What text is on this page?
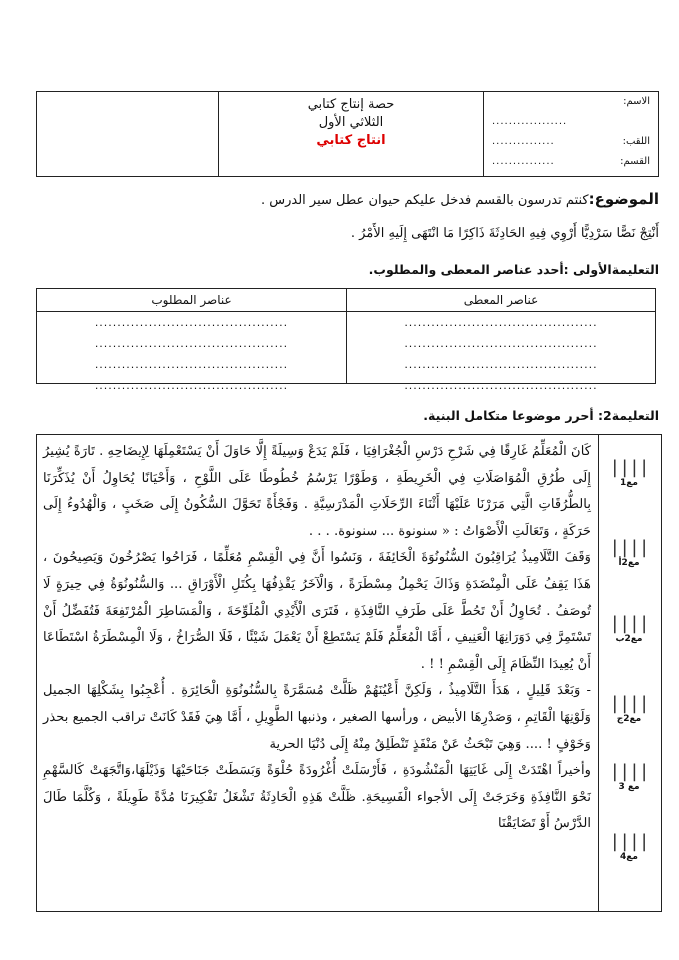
الاسم:
..................
اللقب:
...............
القسم:
...............
حصة إنتاج كتابي
الثلاثي الأول
انتاج كتابي
الموضوع:كنتم تدرسون بالقسم فدخل عليكم حيوان عطل سير الدرس .
أَنْتِجْ نَصًّا سَرْدِيًّا أَرْوِي فِيهِ الحَادِثَةَ ذَاكِرًا مَا انْتَهَى إِلَيهِ الأَمْرُ .
التعليمةالأولى :أحدد عناصر المعطى والمطلوب.
عناصر المعطى
...........................................
...........................................
...........................................
...........................................
عناصر المطلوب
...........................................
...........................................
...........................................
...........................................
التعليمة2: أحرر موضوعا متكامل البنية.
| | | |
مع1
| | | |
مع2أ
| | | |
مع2ب
| | | |
مع2ج
| | | |
مع 3
| | | |
مع4

كَانَ الْمُعَلِّمُ غَارِقًا فِي شَرْحِ دَرْسِ الْجُغْرَافِيَا ، فَلَمْ يَدَعْ وَسِيلَةً إِلَّا حَاوَلَ أَنْ يَسْتَعْمِلَهَا لِإِيضَاحِهِ . تَارَةً يُشِيرُ إِلَى طُرُقِ الْمُوَاصَلَاتِ فِي الْخَرِيطَةِ ، وَطَوْرًا يَرْسُمُ خُطُوطًا عَلَى اللَّوْحِ ، وَأَحْيَانًا يُحَاوِلُ أَنْ يُذَكِّرَنَا بِالطُّرُقَاتِ الَّتِي مَرَرْنَا عَلَيْهَا أَثْنَاءَ الرِّحَلَاتِ الْمَدْرَسِيَّةِ . وَفَجْأَةً تَحَوَّلَ السُّكُونُ إِلَى صَخَبٍ ، وَالْهُدُوءُ إِلَى حَرَكَةٍ ، وَتَعَالَتِ الْأَصْوَاتُ : « سنونوة ... سنونوة. . . .

وَقَفَ التَّلَامِيذُ يُرَاقِبُونَ السُّنُونُوَةَ الْخَائِفَةَ ، وَنَسُوا أَنَّ فِي الْقِسْمِ مُعَلِّمًا ، فَرَاحُوا يَصْرُخُونَ وَيَصِيحُونَ ، هَذَا يَقِفُ عَلَى الْمِنْضَدَةِ وَذَاكَ يَحْمِلُ مِسْطَرَةً ، وَالْآخَرُ يَقْذِفُهَا بِكُتَلِ الْأَوْرَاقِ ... وَالسُّنُونُوَةُ فِي حِيرَةٍ لَا تُوصَفُ . تُحَاوِلُ أَنْ تَحُطَّ عَلَى طَرَفِ النَّافِذَةِ ، فَتَرَى الْأَيْدِي الْمُلَوِّحَةَ ، وَالْمَسَاطِرَ الْمُرْتَفِعَةَ فَتُفَضِّلُ أَنْ تَسْتَمِرَّ فِي دَوَرَانِهَا الْعَنِيفِ ، أَمَّا الْمُعَلِّمُ فَلَمْ يَسْتَطِعْ أَنْ يَعْمَلَ شَيْئًا ، فَلَا الصُّرَاخُ ، وَلَا الْمِسْطَرَةُ اسْتَطَاعَا أَنْ يُعِيدَا النِّظَامَ إِلَى الْقِسْمِ ! ! .

- وَبَعْدَ قَلِيلٍ ، هَدَأَ التَّلَامِيذُ ، وَلَكِنَّ أَعْيُنَهُمْ ظَلَّتْ مُسَمَّرَةً بِالسُّنُونُوَةِ الْحَائِرَةِ . أُعْجِبُوا بِشَكْلِهَا الجميل وَلَوْنِهَا الْقَاتِمِ ، وَصَدْرِهَا الأبيض ، ورأسها الصغير ، وذنبها الطَّوِيلِ ، أَمَّا هِيَ فَقَدْ كَانَتْ تراقب الجميع بحذر وَخَوْفٍ ! .... وَهِيَ تَبْحَثُ عَنْ مَنْفَذٍ تَنْطَلِقُ مِنْهُ إِلَى دُنْيَا الحرية

وأخيراً اهْتَدَتْ إِلَى غَايَتِهَا الْمَنْشُودَةِ ، فَأَرْسَلَتْ أُغْرُودَةً حُلْوَةً وَبَسَطَتْ جَنَاحَيْهَا وَذَيْلَهَا،وَاتَّجَهَتْ كَالسَّهْمِ نَحْوَ النَّافِذَةِ وَخَرَجَتْ إِلَى الأجواء الْفَسِيحَةِ. ظَلَّتْ هَذِهِ الْحَادِثَةُ تَشْغَلُ تَفْكِيرَنَا مُدَّةً طَوِيلَةً ، وَكُلَّمَا طَالَ الدَّرْسُ أَوْ تَضَايَقْنَا
